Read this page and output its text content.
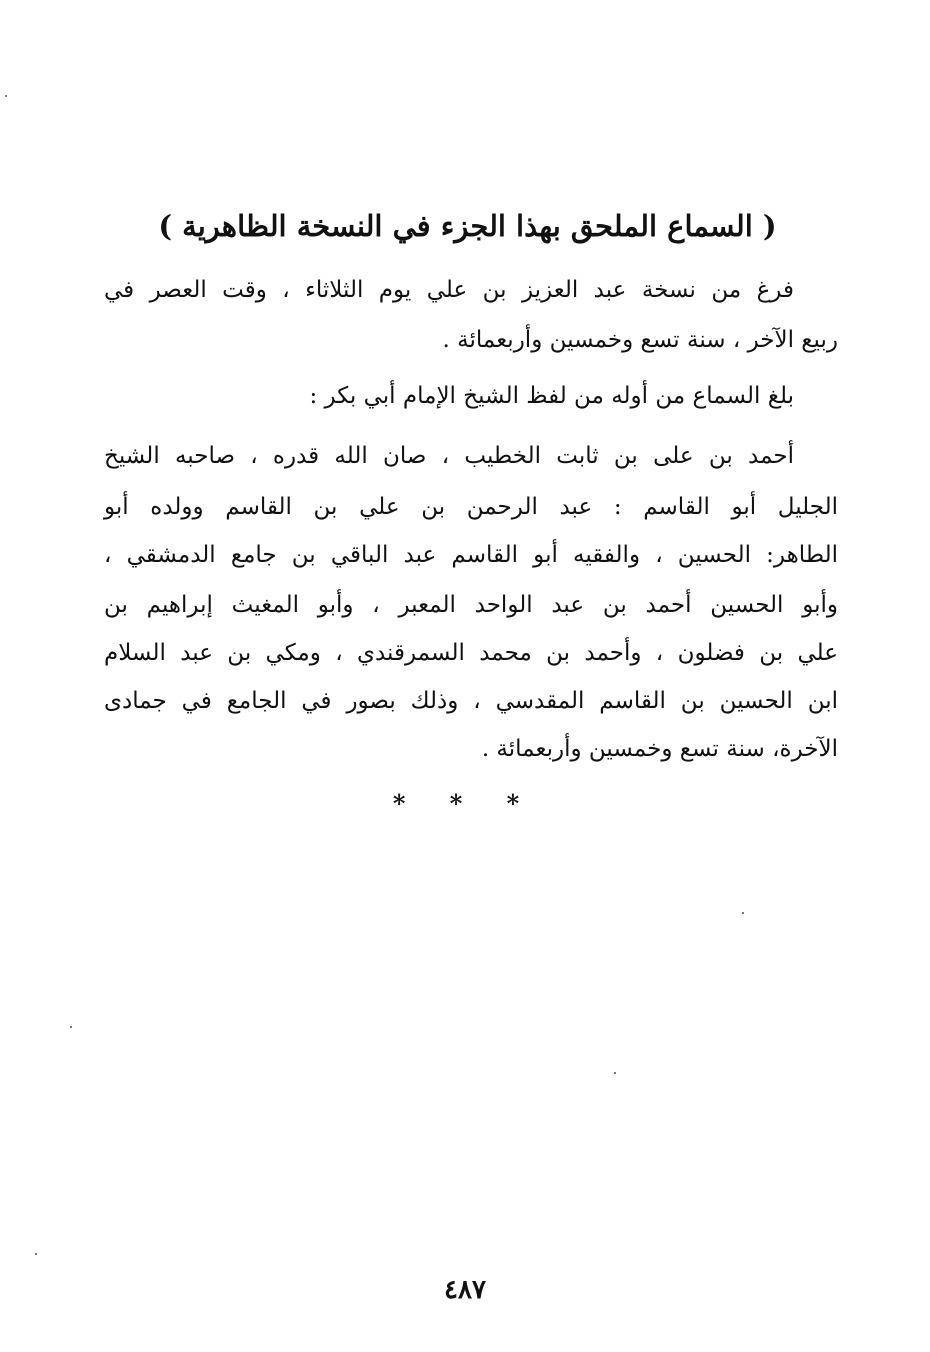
( السماع الملحق بهذا الجزء في النسخة الظاهرية )
فرغ من نسخة عبد العزيز بن علي يوم الثلاثاء ، وقت العصر في
ربيع الآخر ، سنة تسع وخمسين وأربعمائة .
بلغ السماع من أوله من لفظ الشيخ الإمام أبي بكر :
أحمد بن على بن ثابت الخطيب ، صان الله قدره ، صاحبه الشيخ
الجليل أبو القاسم : عبد الرحمن بن علي بن القاسم وولده أبو
الطاهر: الحسين ، والفقيه أبو القاسم عبد الباقي بن جامع الدمشقي ،
وأبو الحسين أحمد بن عبد الواحد المعبر ، وأبو المغيث إبراهيم بن
علي بن فضلون ، وأحمد بن محمد السمرقندي ، ومكي بن عبد السلام
ابن الحسين بن القاسم المقدسي ، وذلك بصور في الجامع في جمادى
الآخرة، سنة تسع وخمسين وأربعمائة .
* * *
٤٨٧
